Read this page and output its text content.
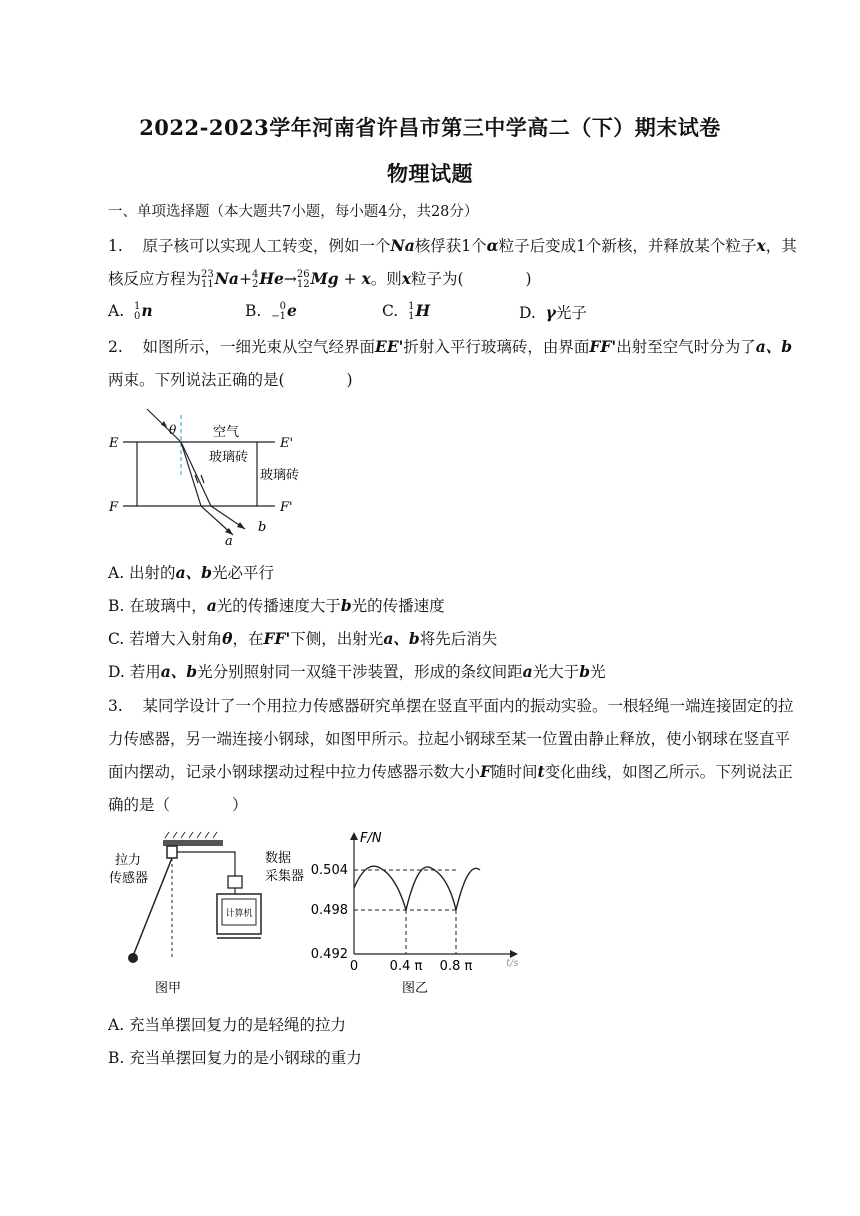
2022-2023学年河南省许昌市第三中学高二（下）期末试卷
物理试题
一、单项选择题（本大题共7小题，每小题4分，共28分）
1. 原子核可以实现人工转变，例如一个Na核俘获1个α粒子后变成1个新核，并释放某个粒子x，其
核反应方程为 23
11 Na+ 4
2 He→ 26
12 Mg + x。则x粒子为(　　　　)
A. 1
0 n	B.	0
−1 e	C. 1
1 H	D. γ光子
2. 如图所示，一细光束从空气经界面EE'折射入平行玻璃砖，由界面FF'出射至空气时分为了a、b
两束。下列说法正确的是(　　　　)
E	E'
F	F'
θ	空气
玻璃砖
玻璃砖
a
b
A. 出射的a、b光必平行
B. 在玻璃中，a光的传播速度大于b光的传播速度
C. 若增大入射角θ，在FF'下侧，出射光a、b将先后消失
D. 若用a、b光分别照射同一双缝干涉装置，形成的条纹间距a光大于b光
3. 某同学设计了一个用拉力传感器研究单摆在竖直平面内的振动实验。一根轻绳一端连接固定的拉
力传感器，另一端连接小钢球，如图甲所示。拉起小钢球至某一位置由静止释放，使小钢球在竖直平
面内摆动，记录小钢球摆动过程中拉力传感器示数大小F随时间t变化曲线，如图乙所示。下列说法正
确的是（　　　　）
计算机
拉力
传感器
数据
采集器
图甲
F/N
0.504
0.498
0.492
0 0.4 π 0.8 π	t/s
图乙
A. 充当单摆回复力的是轻绳的拉力
B. 充当单摆回复力的是小钢球的重力
